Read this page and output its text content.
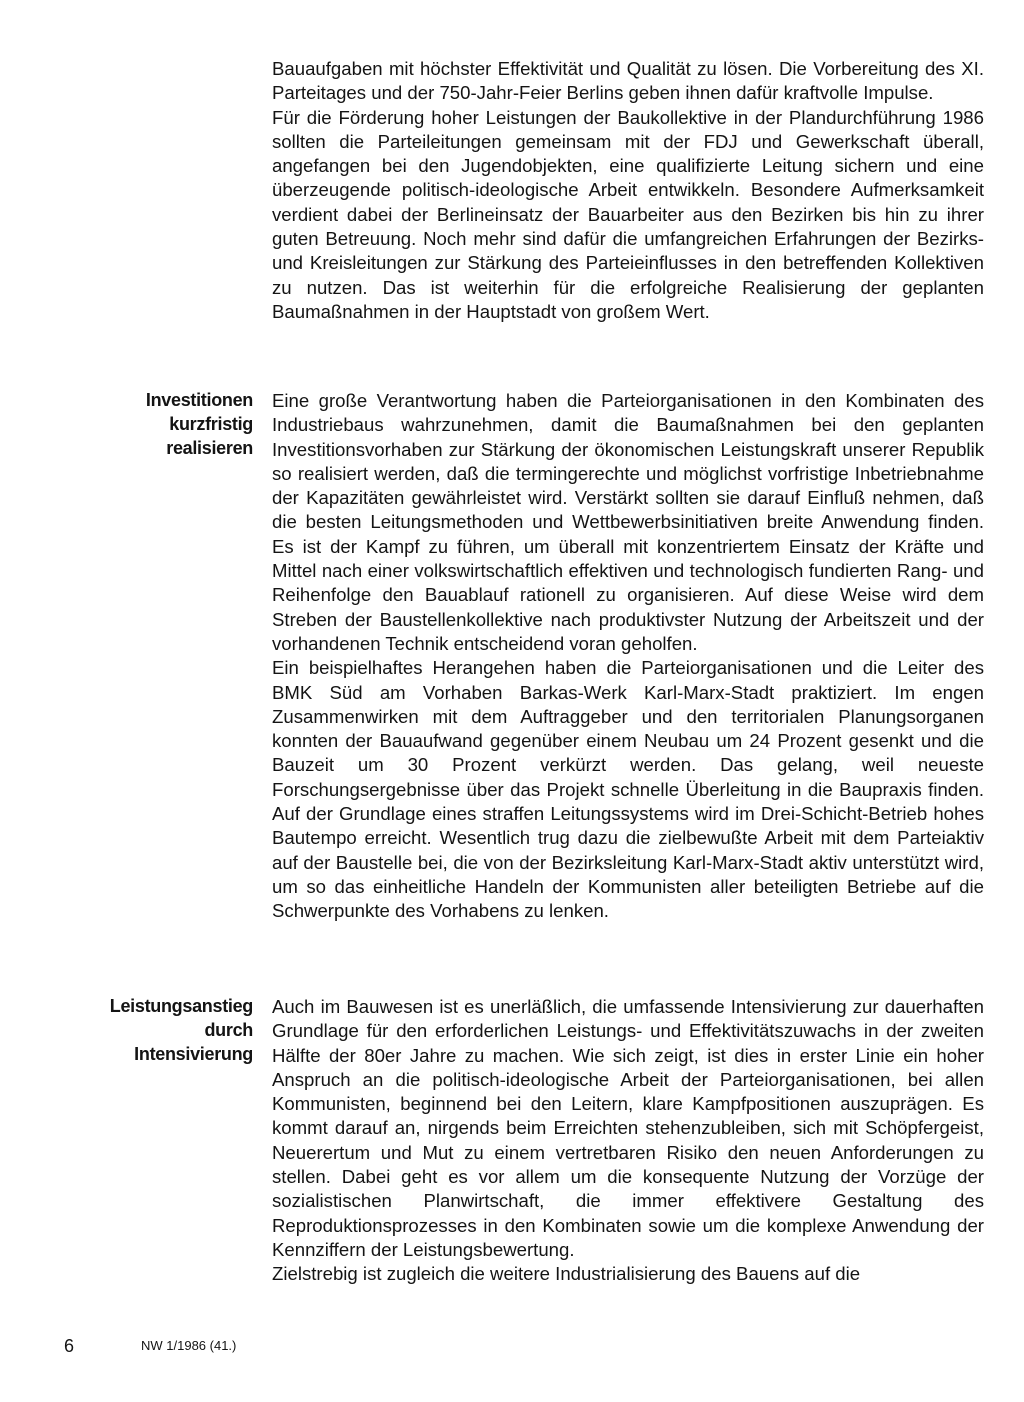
Bauaufgaben mit höchster Effektivität und Qualität zu lösen. Die Vorbereitung des XI. Parteitages und der 750-Jahr-Feier Berlins geben ihnen dafür kraftvolle Impulse.

Für die Förderung hoher Leistungen der Baukollektive in der Plandurchführung 1986 sollten die Parteileitungen gemeinsam mit der FDJ und Gewerkschaft überall, angefangen bei den Jugendobjekten, eine qualifizierte Leitung sichern und eine überzeugende politisch-ideologische Arbeit entwikkeln. Besondere Aufmerksamkeit verdient dabei der Berlineinsatz der Bauarbeiter aus den Bezirken bis hin zu ihrer guten Betreuung. Noch mehr sind dafür die umfangreichen Erfahrungen der Bezirks- und Kreisleitungen zur Stärkung des Parteieinflusses in den betreffenden Kollektiven zu nutzen. Das ist weiterhin für die erfolgreiche Realisierung der geplanten Baumaßnahmen in der Hauptstadt von großem Wert.

Investitionen
kurzfristig
realisieren

Eine große Verantwortung haben die Parteiorganisationen in den Kombinaten des Industriebaus wahrzunehmen, damit die Baumaßnahmen bei den geplanten Investitionsvorhaben zur Stärkung der ökonomischen Leistungskraft unserer Republik so realisiert werden, daß die termingerechte und möglichst vorfristige Inbetriebnahme der Kapazitäten gewährleistet wird. Verstärkt sollten sie darauf Einfluß nehmen, daß die besten Leitungsmethoden und Wettbewerbsinitiativen breite Anwendung finden. Es ist der Kampf zu führen, um überall mit konzentriertem Einsatz der Kräfte und Mittel nach einer volkswirtschaftlich effektiven und technologisch fundierten Rang- und Reihenfolge den Bauablauf rationell zu organisieren. Auf diese Weise wird dem Streben der Baustellenkollektive nach produktivster Nutzung der Arbeitszeit und der vorhandenen Technik entscheidend voran geholfen.

Ein beispielhaftes Herangehen haben die Parteiorganisationen und die Leiter des BMK Süd am Vorhaben Barkas-Werk Karl-Marx-Stadt praktiziert. Im engen Zusammenwirken mit dem Auftraggeber und den territorialen Planungsorganen konnten der Bauaufwand gegenüber einem Neubau um 24 Prozent gesenkt und die Bauzeit um 30 Prozent verkürzt werden. Das gelang, weil neueste Forschungsergebnisse über das Projekt schnelle Überleitung in die Baupraxis finden. Auf der Grundlage eines straffen Leitungssystems wird im Drei-Schicht-Betrieb hohes Bautempo erreicht. Wesentlich trug dazu die zielbewußte Arbeit mit dem Parteiaktiv auf der Baustelle bei, die von der Bezirksleitung Karl-Marx-Stadt aktiv unterstützt wird, um so das einheitliche Handeln der Kommunisten aller beteiligten Betriebe auf die Schwerpunkte des Vorhabens zu lenken.

Leistungsanstieg
durch
Intensivierung

Auch im Bauwesen ist es unerläßlich, die umfassende Intensivierung zur dauerhaften Grundlage für den erforderlichen Leistungs- und Effektivitätszuwachs in der zweiten Hälfte der 80er Jahre zu machen. Wie sich zeigt, ist dies in erster Linie ein hoher Anspruch an die politisch-ideologische Arbeit der Parteiorganisationen, bei allen Kommunisten, beginnend bei den Leitern, klare Kampfpositionen auszuprägen. Es kommt darauf an, nirgends beim Erreichten stehenzubleiben, sich mit Schöpfergeist, Neuerertum und Mut zu einem vertretbaren Risiko den neuen Anforderungen zu stellen. Dabei geht es vor allem um die konsequente Nutzung der Vorzüge der sozialistischen Planwirtschaft, die immer effektivere Gestaltung des Reproduktionsprozesses in den Kombinaten sowie um die komplexe Anwendung der Kennziffern der Leistungsbewertung.

Zielstrebig ist zugleich die weitere Industrialisierung des Bauens auf die

6	NW 1/1986 (41.)
